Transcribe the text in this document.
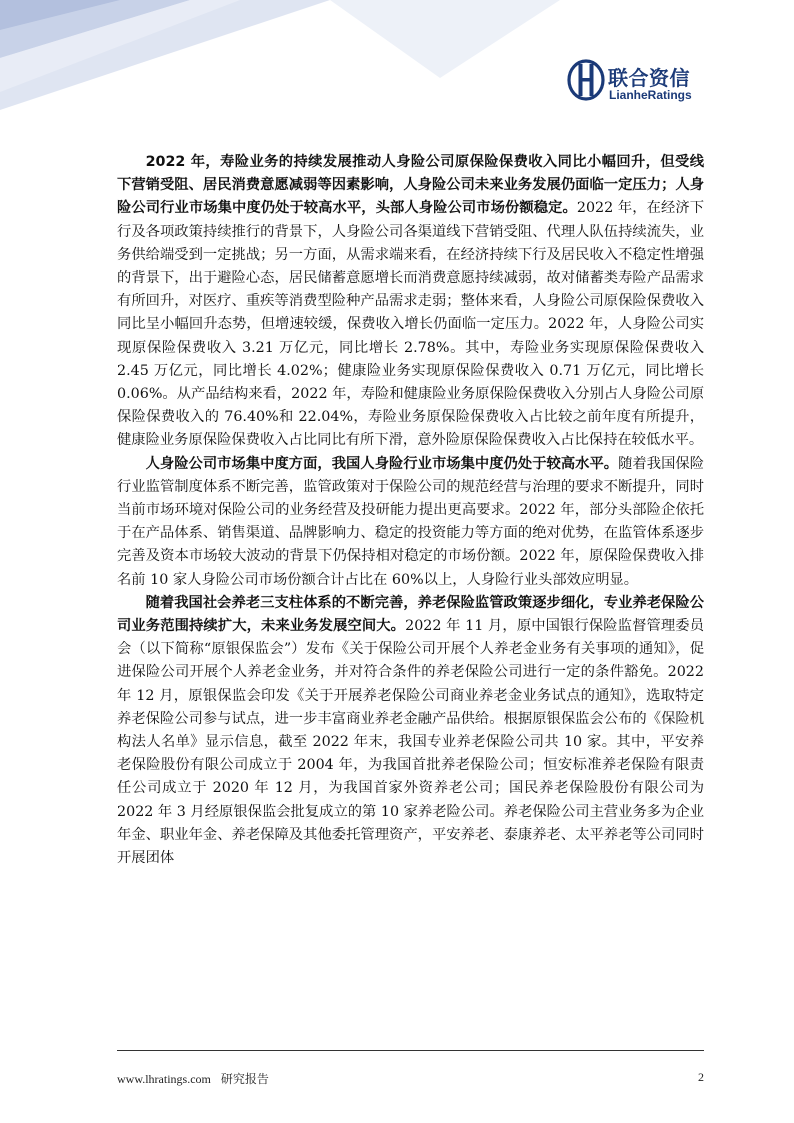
联合资信
LianheRatings

2022 年，寿险业务的持续发展推动人身险公司原保险保费收入同比小幅回升，但受线下营销受阻、居民消费意愿减弱等因素影响，人身险公司未来业务发展仍面临一定压力；人身险公司行业市场集中度仍处于较高水平，头部人身险公司市场份额稳定。2022 年，在经济下行及各项政策持续推行的背景下，人身险公司各渠道线下营销受阻、代理人队伍持续流失，业务供给端受到一定挑战；另一方面，从需求端来看，在经济持续下行及居民收入不稳定性增强的背景下，出于避险心态，居民储蓄意愿增长而消费意愿持续减弱，故对储蓄类寿险产品需求有所回升，对医疗、重疾等消费型险种产品需求走弱；整体来看，人身险公司原保险保费收入同比呈小幅回升态势，但增速较缓，保费收入增长仍面临一定压力。2022 年，人身险公司实现原保险保费收入 3.21 万亿元，同比增长 2.78%。其中，寿险业务实现原保险保费收入 2.45 万亿元，同比增长 4.02%；健康险业务实现原保险保费收入 0.71 万亿元，同比增长 0.06%。从产品结构来看，2022 年，寿险和健康险业务原保险保费收入分别占人身险公司原保险保费收入的 76.40%和 22.04%，寿险业务原保险保费收入占比较之前年度有所提升，健康险业务原保险保费收入占比同比有所下滑，意外险原保险保费收入占比保持在较低水平。

人身险公司市场集中度方面，我国人身险行业市场集中度仍处于较高水平。随着我国保险行业监管制度体系不断完善，监管政策对于保险公司的规范经营与治理的要求不断提升，同时当前市场环境对保险公司的业务经营及投研能力提出更高要求。2022 年，部分头部险企依托于在产品体系、销售渠道、品牌影响力、稳定的投资能力等方面的绝对优势，在监管体系逐步完善及资本市场较大波动的背景下仍保持相对稳定的市场份额。2022 年，原保险保费收入排名前 10 家人身险公司市场份额合计占比在 60%以上，人身险行业头部效应明显。

随着我国社会养老三支柱体系的不断完善，养老保险监管政策逐步细化，专业养老保险公司业务范围持续扩大，未来业务发展空间大。2022 年 11 月，原中国银行保险监督管理委员会（以下简称“原银保监会”）发布《关于保险公司开展个人养老金业务有关事项的通知》，促进保险公司开展个人养老金业务，并对符合条件的养老保险公司进行一定的条件豁免。2022 年 12 月，原银保监会印发《关于开展养老保险公司商业养老金业务试点的通知》，选取特定养老保险公司参与试点，进一步丰富商业养老金融产品供给。根据原银保监会公布的《保险机构法人名单》显示信息，截至 2022 年末，我国专业养老保险公司共 10 家。其中，平安养老保险股份有限公司成立于 2004 年，为我国首批养老保险公司；恒安标准养老保险有限责任公司成立于 2020 年 12 月，为我国首家外资养老公司；国民养老保险股份有限公司为 2022 年 3 月经原银保监会批复成立的第 10 家养老险公司。养老保险公司主营业务多为企业年金、职业年金、养老保障及其他委托管理资产，平安养老、泰康养老、太平养老等公司同时开展团体

www.lhratings.com 研究报告	2
